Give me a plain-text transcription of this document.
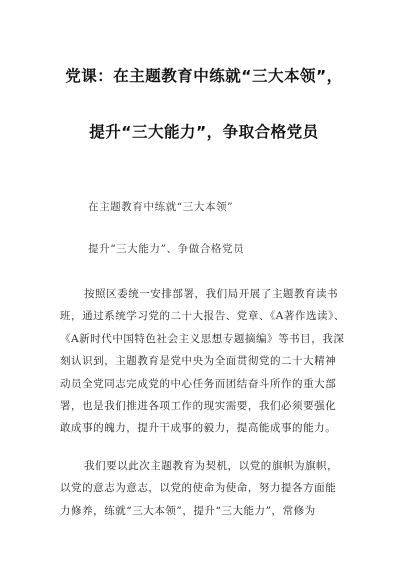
党课：在主题教育中练就“三大本领”，
提升“三大能力”，争取合格党员
在主题教育中练就“三大本领”
提升“三大能力”、争做合格党员
按照区委统一安排部署，我们局开展了主题教育读书
班，通过系统学习党的二十大报告、党章、《A著作选读》、
《A新时代中国特色社会主义思想专题摘编》等书目，我深
刻认识到，主题教育是党中央为全面贯彻党的二十大精神
动员全党同志完成党的中心任务而团结奋斗所作的重大部
署，也是我们推进各项工作的现实需要，我们必须要强化
敢成事的魄力，提升干成事的毅力，提高能成事的能力。
我们要以此次主题教育为契机，以党的旗帜为旗帜，
以党的意志为意志，以党的使命为使命，努力提各方面能
力修养，练就“三大本领”，提升“三大能力”，常修为
